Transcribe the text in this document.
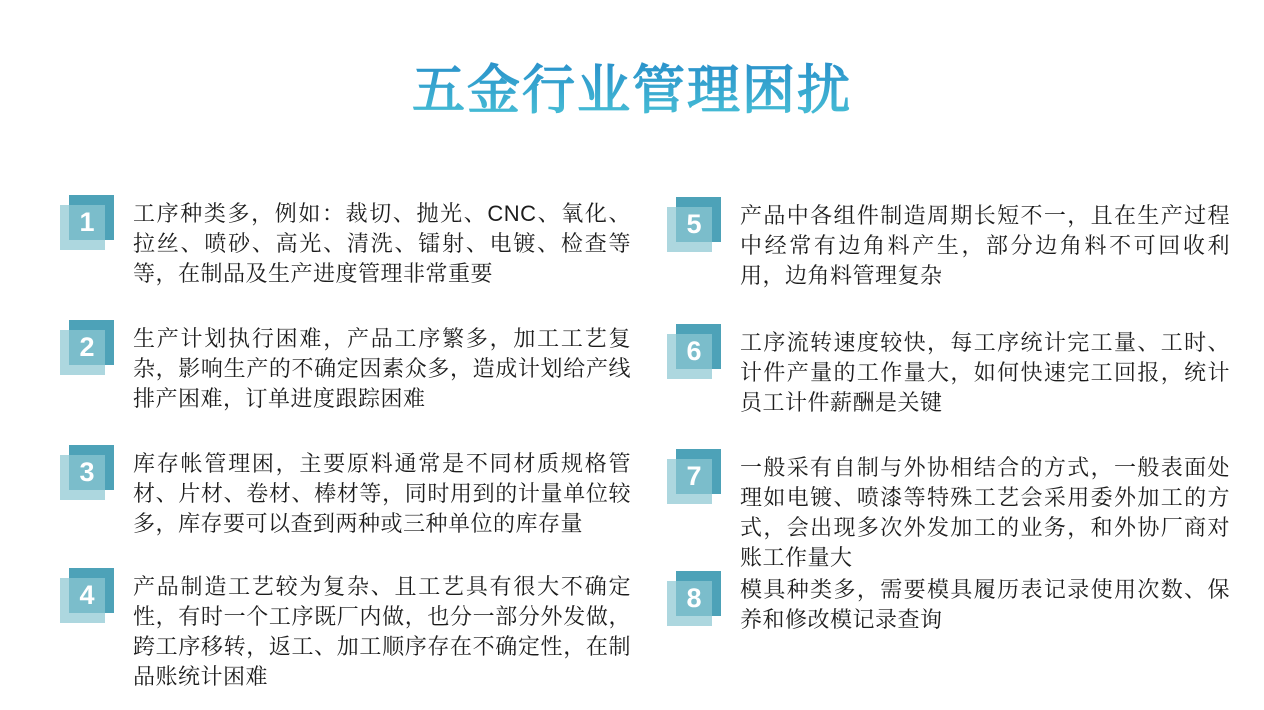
五金行业管理困扰
1	工序种类多，例如：裁切、抛光、CNC、氧化、拉丝、喷砂、高光、清洗、镭射、电镀、检查等等，在制品及生产进度管理非常重要
2	生产计划执行困难，产品工序繁多，加工工艺复杂，影响生产的不确定因素众多，造成计划给产线排产困难，订单进度跟踪困难
3	库存帐管理困，主要原料通常是不同材质规格管材、片材、卷材、棒材等，同时用到的计量单位较多，库存要可以查到两种或三种单位的库存量
4	产品制造工艺较为复杂、且工艺具有很大不确定性，有时一个工序既厂内做，也分一部分外发做，跨工序移转，返工、加工顺序存在不确定性，在制品账统计困难
5	产品中各组件制造周期长短不一，且在生产过程中经常有边角料产生，部分边角料不可回收利用，边角料管理复杂
6	工序流转速度较快，每工序统计完工量、工时、计件产量的工作量大，如何快速完工回报，统计员工计件薪酬是关键
7	一般采有自制与外协相结合的方式，一般表面处理如电镀、喷漆等特殊工艺会采用委外加工的方式，会出现多次外发加工的业务，和外协厂商对账工作量大
8	模具种类多，需要模具履历表记录使用次数、保养和修改模记录查询
